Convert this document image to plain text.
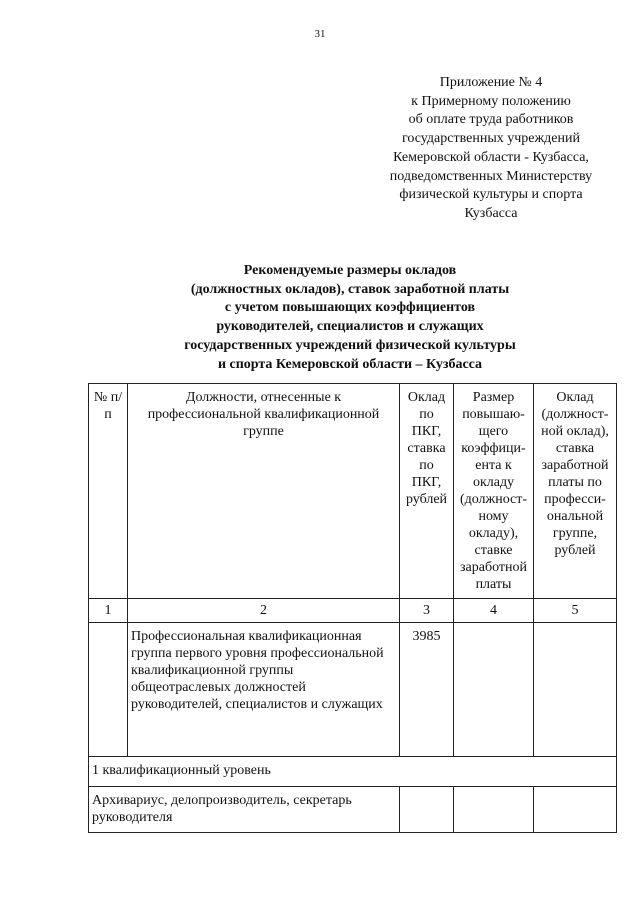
31
Приложение № 4
к Примерному положению
об оплате труда работников
государственных учреждений
Кемеровской области - Кузбасса,
подведомственных Министерству
физической культуры и спорта
Кузбасса
Рекомендуемые размеры окладов
(должностных окладов), ставок заработной платы
с учетом повышающих коэффициентов
руководителей, специалистов и служащих
государственных учреждений физической культуры
и спорта Кемеровской области – Кузбасса
№ п/п	Должности, отнесенные к профессиональной квалификационной группе	Оклад по ПКГ, ставка по ПКГ, рублей	Размер повышаю-щего коэффици-ента к окладу (должност-ному окладу), ставке заработной платы	Оклад (должност-ной оклад), ставка заработной платы по професси-ональной группе, рублей
1	2	3	4	5
	Профессиональная квалификационная группа первого уровня профессиональной квалификационной группы общеотраслевых должностей руководителей, специалистов и служащих	3985		
1 квалификационный уровень				
Архивариус, делопроизводитель, секретарь руководителя				
